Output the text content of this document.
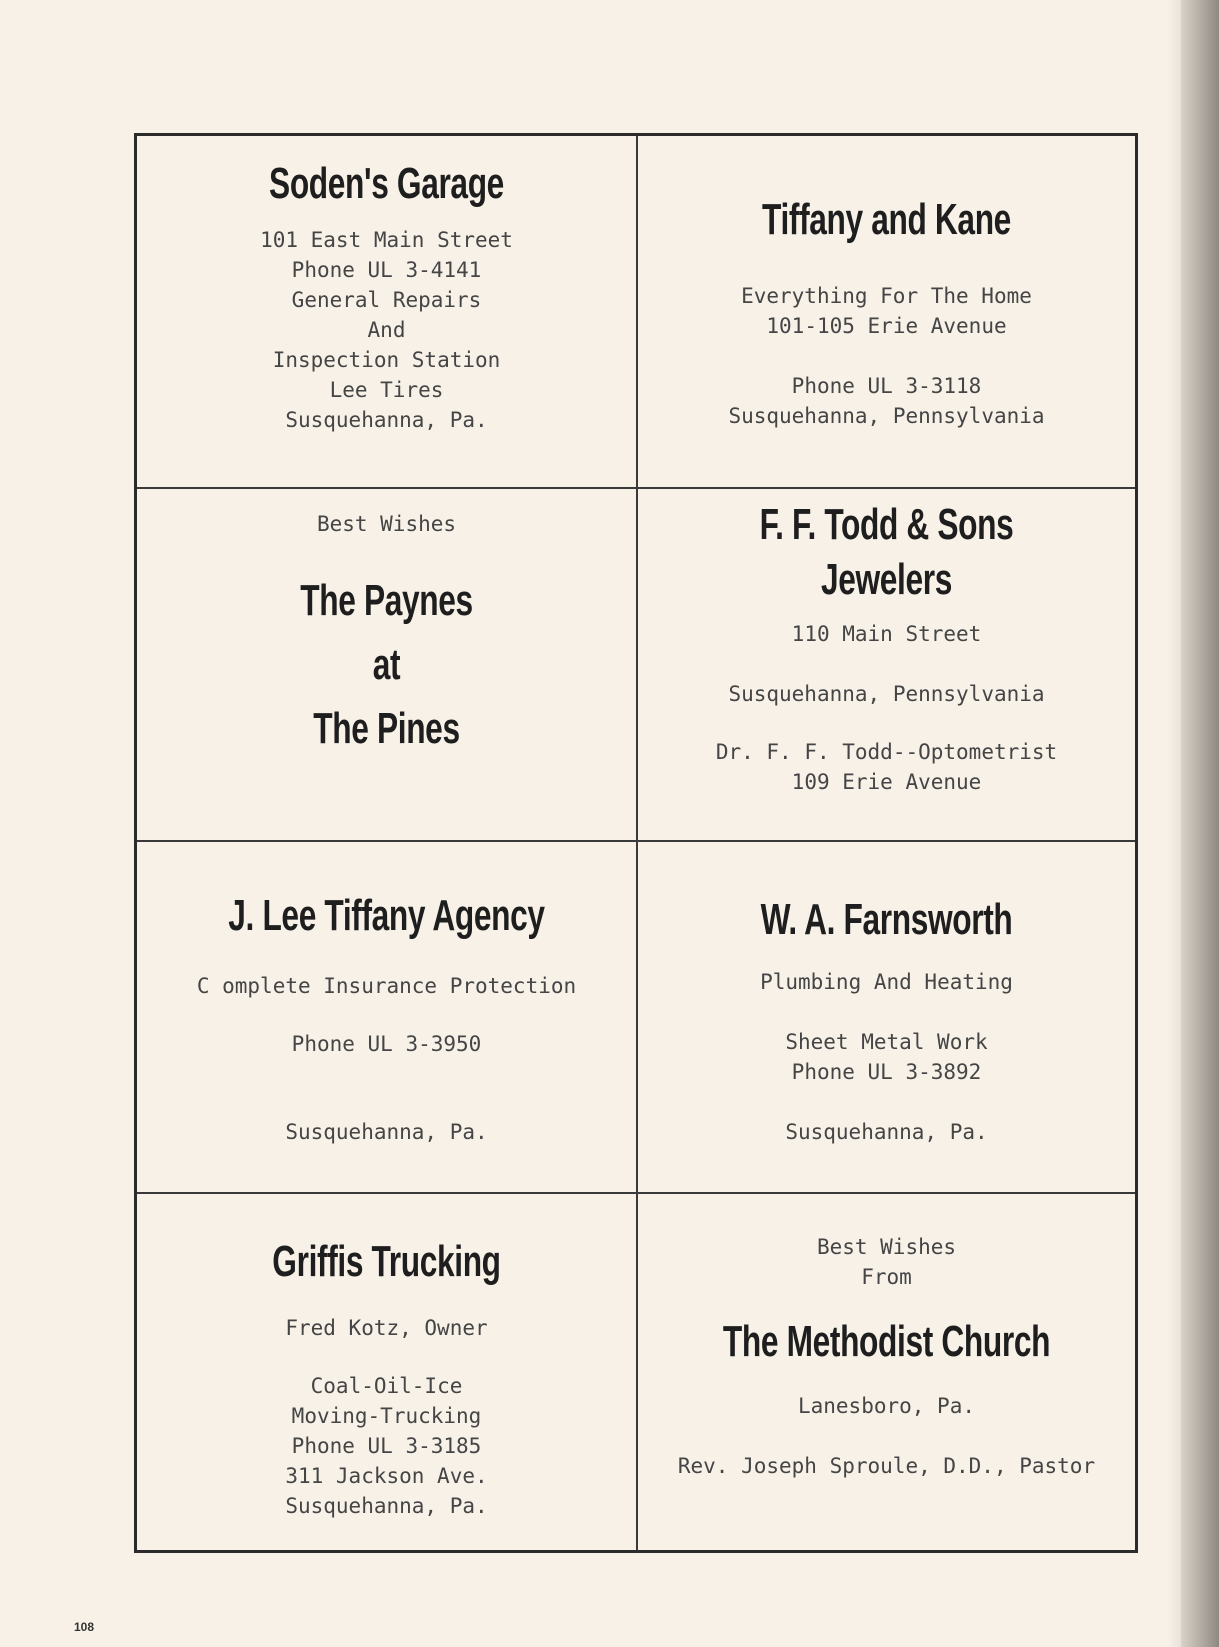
Soden's Garage
101 East Main Street
Phone UL 3-4141
General Repairs
And
Inspection Station
Lee Tires
Susquehanna, Pa.
Tiffany and Kane
Everything For The Home
101-105 Erie Avenue
Phone UL 3-3118
Susquehanna, Pennsylvania
Best Wishes
The Paynes
at
The Pines
F. F. Todd & Sons
Jewelers
110 Main Street
Susquehanna, Pennsylvania
Dr. F. F. Todd--Optometrist
109 Erie Avenue
J. Lee Tiffany Agency
C omplete Insurance Protection
Phone UL 3-3950
Susquehanna, Pa.
W. A. Farnsworth
Plumbing And Heating
Sheet Metal Work
Phone UL 3-3892
Susquehanna, Pa.
Griffis Trucking
Fred Kotz, Owner
Coal-Oil-Ice
Moving-Trucking
Phone UL 3-3185
311 Jackson Ave.
Susquehanna, Pa.
Best Wishes
From
The Methodist Church
Lanesboro, Pa.
Rev. Joseph Sproule, D.D., Pastor
108
